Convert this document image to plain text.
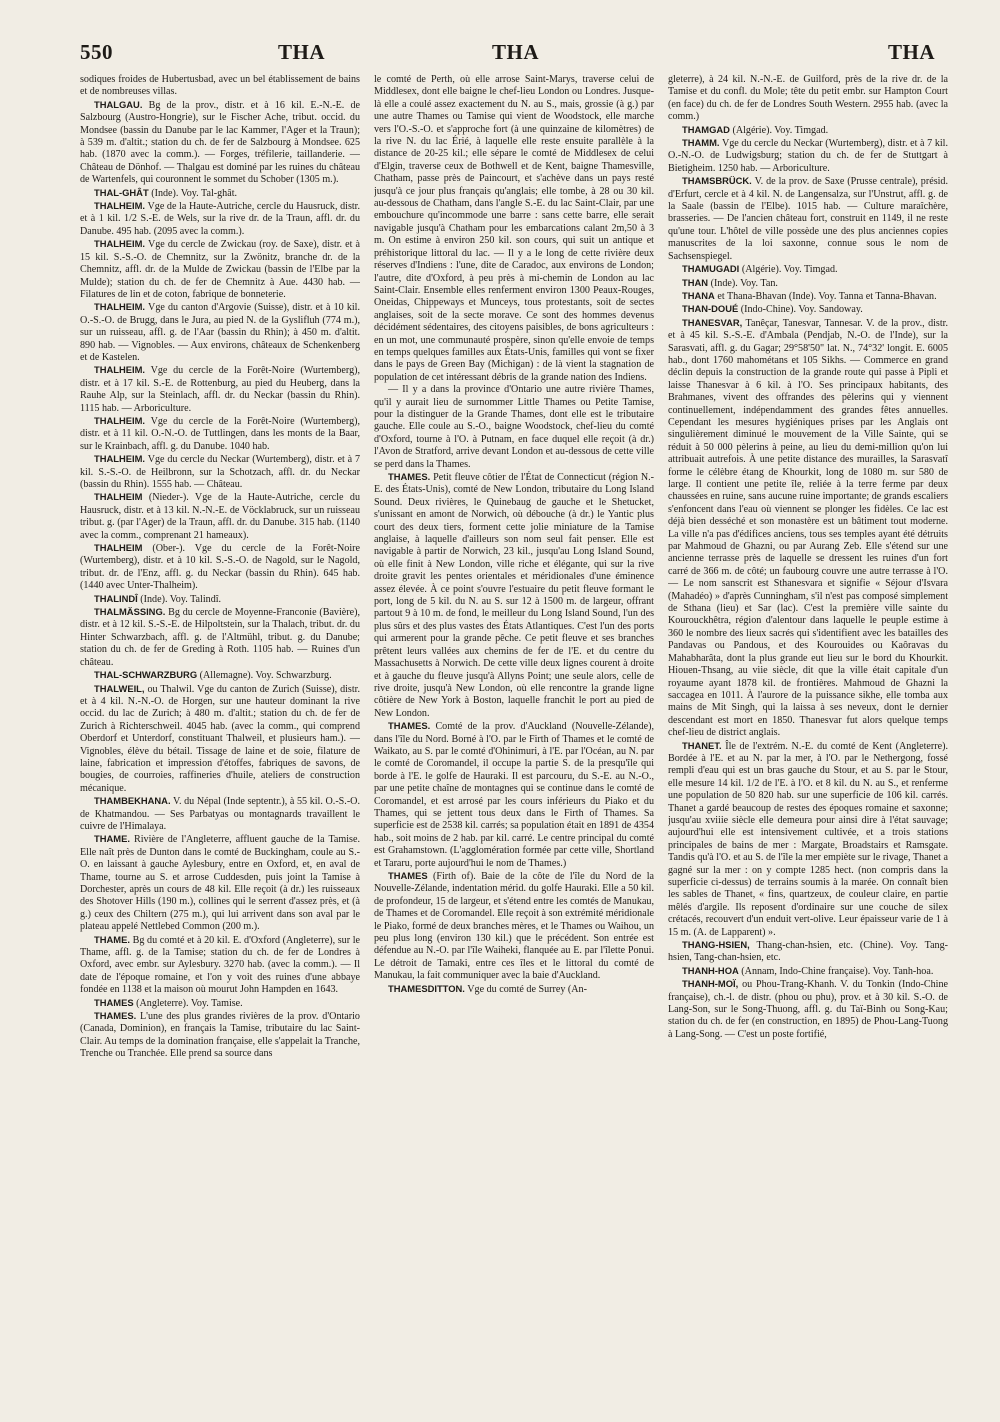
550	THA	THA	THA

sodiques froides de Hubertusbad, avec un bel établissement de bains et de nombreuses villas.

THALGAU. Bg de la prov., distr. et à 16 kil. E.-N.-E. de Salzbourg (Austro-Hongrie), sur le Fischer Ache, tribut. occid. du Mondsee (bassin du Danube par le lac Kammer, l'Ager et la Traun); à 539 m. d'altit.; station du ch. de fer de Salzbourg à Mondsee. 625 hab. (1870 avec la comm.). — Forges, tréfilerie, taillanderie. — Château de Dönhof. — Thalgau est dominé par les ruines du château de Wartenfels, qui couronnent le sommet du Schober (1305 m.).

THAL-GHÂT (Inde). Voy. Tal-ghât.

THALHEIM. Vge de la Haute-Autriche, cercle du Hausruck, distr. et à 1 kil. 1/2 S.-E. de Wels, sur la rive dr. de la Traun, affl. dr. du Danube. 495 hab. (2095 avec la comm.).

THALHEIM. Vge du cercle de Zwickau (roy. de Saxe), distr. et à 15 kil. S.-S.-O. de Chemnitz, sur la Zwönitz, branche dr. de la Chemnitz, affl. dr. de la Mulde de Zwickau (bassin de l'Elbe par la Mulde); station du ch. de fer de Chemnitz à Aue. 4430 hab. — Filatures de lin et de coton, fabrique de bonneterie.

THALHEIM. Vge du canton d'Argovie (Suisse), distr. et à 10 kil. O.-S.-O. de Brugg, dans le Jura, au pied N. de la Gyslifluh (774 m.), sur un ruisseau, affl. g. de l'Aar (bassin du Rhin); à 450 m. d'altit. 890 hab. — Vignobles. — Aux environs, châteaux de Schenkenberg et de Kastelen.

THALHEIM. Vge du cercle de la Forêt-Noire (Wurtemberg), distr. et à 17 kil. S.-E. de Rottenburg, au pied du Heuberg, dans la Rauhe Alp, sur la Steinlach, affl. dr. du Neckar (bassin du Rhin). 1115 hab. — Arboriculture.

THALHEIM. Vge du cercle de la Forêt-Noire (Wurtemberg), distr. et à 11 kil. O.-N.-O. de Tuttlingen, dans les monts de la Baar, sur le Krainbach, affl. g. du Danube. 1040 hab.

THALHEIM. Vge du cercle du Neckar (Wurtemberg), distr. et à 7 kil. S.-S.-O. de Heilbronn, sur la Schotzach, affl. dr. du Neckar (bassin du Rhin). 1555 hab. — Château.

THALHEIM (Nieder-). Vge de la Haute-Autriche, cercle du Hausruck, distr. et à 13 kil. N.-N.-E. de Vöcklabruck, sur un ruisseau tribut. g. (par l'Ager) de la Traun, affl. dr. du Danube. 315 hab. (1140 avec la comm., comprenant 21 hameaux).

THALHEIM (Ober-). Vge du cercle de la Forêt-Noire (Wurtemberg), distr. et à 10 kil. S.-S.-O. de Nagold, sur le Nagold, tribut. dr. de l'Enz, affl. g. du Neckar (bassin du Rhin). 645 hab. (1440 avec Unter-Thalheim).

THALINDÎ (Inde). Voy. Talindî.

THALMÄSSING. Bg du cercle de Moyenne-Franconie (Bavière), distr. et à 12 kil. S.-S.-E. de Hilpoltstein, sur la Thalach, tribut. dr. du Hinter Schwarzbach, affl. g. de l'Altmühl, tribut. g. du Danube; station du ch. de fer de Greding à Roth. 1105 hab. — Ruines d'un château.

THAL-SCHWARZBURG (Allemagne). Voy. Schwarzburg.

THALWEIL, ou Thalwil. Vge du canton de Zurich (Suisse), distr. et à 4 kil. N.-N.-O. de Horgen, sur une hauteur dominant la rive occid. du lac de Zurich; à 480 m. d'altit.; station du ch. de fer de Zurich à Richterschweil. 4045 hab. (avec la comm., qui comprend Oberdorf et Unterdorf, constituant Thalweil, et plusieurs ham.). — Vignobles, élève du bétail. Tissage de laine et de soie, filature de laine, fabrication et impression d'étoffes, fabriques de savons, de bougies, de courroies, raffineries d'huile, ateliers de construction mécanique.

THAMBEKHANA. V. du Népal (Inde septentr.), à 55 kil. O.-S.-O. de Khatmandou. — Ses Parbatyas ou montagnards travaillent le cuivre de l'Himalaya.

THAME. Rivière de l'Angleterre, affluent gauche de la Tamise. Elle naît près de Dunton dans le comté de Buckingham, coule au S.-O. en laissant à gauche Aylesbury, entre en Oxford, et, en aval de Thame, tourne au S. et arrose Cuddesden, puis joint la Tamise à Dorchester, après un cours de 48 kil. Elle reçoit (à dr.) les ruisseaux des Shotover Hills (190 m.), collines qui le serrent d'assez près, et (à g.) ceux des Chiltern (275 m.), qui lui arrivent dans son aval par le plateau appelé Nettlebed Common (200 m.).

THAME. Bg du comté et à 20 kil. E. d'Oxford (Angleterre), sur le Thame, affl. g. de la Tamise; station du ch. de fer de Londres à Oxford, avec embr. sur Aylesbury. 3270 hab. (avec la comm.). — Il date de l'époque romaine, et l'on y voit des ruines d'une abbaye fondée en 1138 et la maison où mourut John Hampden en 1643.

THAMES (Angleterre). Voy. Tamise.

THAMES. L'une des plus grandes rivières de la prov. d'Ontario (Canada, Dominion), en français la Tamise, tributaire du lac Saint-Clair. Au temps de la domination française, elle s'appelait la Tranche, Trenche ou Tranchée. Elle prend sa source dans

le comté de Perth, où elle arrose Saint-Marys, traverse celui de Middlesex, dont elle baigne le chef-lieu London ou Londres. Jusque-là elle a coulé assez exactement du N. au S., mais, grossie (à g.) par une autre Thames ou Tamise qui vient de Woodstock, elle marche vers l'O.-S.-O. et s'approche fort (à une quinzaine de kilomètres) de la rive N. du lac Érié, à laquelle elle reste ensuite parallèle à la distance de 20-25 kil.; elle sépare le comté de Middlesex de celui d'Elgin, traverse ceux de Bothwell et de Kent, baigne Thamesville, Chatham, passe près de Paincourt, et s'achève dans un pays resté jusqu'à ce jour plus français qu'anglais; elle tombe, à 28 ou 30 kil. au-dessous de Chatham, dans l'angle S.-E. du lac Saint-Clair, par une embouchure qu'incommode une barre : sans cette barre, elle serait navigable jusqu'à Chatham pour les embarcations calant 2m,50 à 3 m. On estime à environ 250 kil. son cours, qui suit un antique et préhistorique littoral du lac. — Il y a le long de cette rivière deux réserves d'Indiens : l'une, dite de Caradoc, aux environs de London; l'autre, dite d'Oxford, à peu près à mi-chemin de London au lac Saint-Clair. Ensemble elles renferment environ 1300 Peaux-Rouges, Oneidas, Chippeways et Munceys, tous protestants, soit de sectes anglaises, soit de la secte morave. Ce sont des hommes devenus décidément sédentaires, des citoyens paisibles, de bons agriculteurs : en un mot, une communauté prospère, sinon qu'elle envoie de temps en temps quelques familles aux États-Unis, familles qui vont se fixer dans le pays de Green Bay (Michigan) : de là vient la stagnation de population de cet intéressant débris de la grande nation des Indiens.

— Il y a dans la province d'Ontario une autre rivière Thames, qu'il y aurait lieu de surnommer Little Thames ou Petite Tamise, pour la distinguer de la Grande Thames, dont elle est le tributaire gauche. Elle coule au S.-O., baigne Woodstock, chef-lieu du comté d'Oxford, tourne à l'O. à Putnam, en face duquel elle reçoit (à dr.) l'Avon de Stratford, arrive devant London et au-dessous de cette ville se perd dans la Thames.

THAMES. Petit fleuve côtier de l'État de Connecticut (région N.-E. des États-Unis), comté de New London, tributaire du Long Island Sound. Deux rivières, le Quinebaug de gauche et le Shetucket, s'unissant en amont de Norwich, où débouche (à dr.) le Yantic plus court des deux tiers, forment cette jolie miniature de la Tamise anglaise, à laquelle d'ailleurs son nom seul fait penser. Elle est navigable à partir de Norwich, 23 kil., jusqu'au Long Island Sound, où elle finit à New London, ville riche et élégante, qui sur la rive droite gravit les pentes orientales et méridionales d'une éminence assez élevée. À ce point s'ouvre l'estuaire du petit fleuve formant le port, long de 5 kil. du N. au S. sur 12 à 1500 m. de largeur, offrant partout 9 à 10 m. de fond, le meilleur du Long Island Sound, l'un des plus sûrs et des plus vastes des États Atlantiques. C'est l'un des ports qui armerent pour la grande pêche. Ce petit fleuve et ses branches prêtent leurs vallées aux chemins de fer de l'E. et du centre du Massachusetts à Norwich. De cette ville deux lignes courent à droite et à gauche du fleuve jusqu'à Allyns Point; une seule alors, celle de rive droite, jusqu'à New London, où elle rencontre la grande ligne côtière de New York à Boston, laquelle franchit le port au pied de New London.

THAMES. Comté de la prov. d'Auckland (Nouvelle-Zélande), dans l'île du Nord. Borné à l'O. par le Firth of Thames et le comté de Waikato, au S. par le comté d'Ohinimuri, à l'E. par l'Océan, au N. par le comté de Coromandel, il occupe la partie S. de la presqu'île qui borde à l'E. le golfe de Hauraki. Il est parcouru, du S.-E. au N.-O., par une petite chaîne de montagnes qui se continue dans le comté de Coromandel, et est arrosé par les cours inférieurs du Piako et du Thames, qui se jettent tous deux dans le Firth of Thames. Sa superficie est de 2538 kil. carrés; sa population était en 1891 de 4354 hab., soit moins de 2 hab. par kil. carré. Le centre principal du comté est Grahamstown. (L'agglomération formée par cette ville, Shortland et Tararu, porte aujourd'hui le nom de Thames.)

THAMES (Firth of). Baie de la côte de l'île du Nord de la Nouvelle-Zélande, indentation mérid. du golfe Hauraki. Elle a 50 kil. de profondeur, 15 de largeur, et s'étend entre les comtés de Manukau, de Thames et de Coromandel. Elle reçoit à son extrémité méridionale le Piako, formé de deux branches mères, et le Thames ou Waihou, un peu plus long (environ 130 kil.) que le précédent. Son entrée est défendue au N.-O. par l'île Waiheki, flanquée au E. par l'îlette Ponui. Le détroit de Tamaki, entre ces îles et le littoral du comté de Manukau, la fait communiquer avec la baie d'Auckland.

THAMESDITTON. Vge du comté de Surrey (An-

gleterre), à 24 kil. N.-N.-E. de Guilford, près de la rive dr. de la Tamise et du confl. du Mole; tête du petit embr. sur Hampton Court (en face) du ch. de fer de Londres South Western. 2955 hab. (avec la comm.)

THAMGAD (Algérie). Voy. Timgad.

THAMM. Vge du cercle du Neckar (Wurtemberg), distr. et à 7 kil. O.-N.-O. de Ludwigsburg; station du ch. de fer de Stuttgart à Bietigheim. 1250 hab. — Arboriculture.

THAMSBRÜCK. V. de la prov. de Saxe (Prusse centrale), présid. d'Erfurt, cercle et à 4 kil. N. de Langensalza, sur l'Unstrut, affl. g. de la Saale (bassin de l'Elbe). 1015 hab. — Culture maraîchère, brasseries. — De l'ancien château fort, construit en 1149, il ne reste qu'une tour. L'hôtel de ville possède une des plus anciennes copies manuscrites de la loi saxonne, connue sous le nom de Sachsenspiegel.

THAMUGADI (Algérie). Voy. Timgad.

THAN (Inde). Voy. Tan.

THANA et Thana-Bhavan (Inde). Voy. Tanna et Tanna-Bhavan.

THAN-DOUÉ (Indo-Chine). Voy. Sandoway.

THANESVAR, Tanêçar, Tanesvar, Tannesar. V. de la prov., distr. et à 45 kil. S.-S.-E. d'Ambala (Pendjab, N.-O. de l'Inde), sur la Sarasvati, affl. g. du Gagar; 29°58'50" lat. N., 74°32' longit. E. 6005 hab., dont 1760 mahométans et 105 Sikhs. — Commerce en grand déclin depuis la construction de la grande route qui passe à Pipli et laisse Thanesvar à 6 kil. à l'O. Ses principaux habitants, des Brahmanes, vivent des offrandes des pèlerins qui y viennent continuellement, indépendamment des grandes fêtes annuelles. Cependant les mesures hygiéniques prises par les Anglais ont singulièrement diminué le mouvement de la Ville Sainte, qui se réduit à 50 000 pèlerins à peine, au lieu du demi-million qu'on lui attribuait autrefois. À une petite distance des murailles, la Sarasvatî forme le célèbre étang de Khourkit, long de 1080 m. sur 580 de large. Il contient une petite île, reliée à la terre ferme par deux chaussées en ruine, sans aucune ruine importante; de grands escaliers s'enfoncent dans l'eau où viennent se plonger les fidèles. Ce lac est déjà bien desséché et son monastère est un bâtiment tout moderne. La ville n'a pas d'édifices anciens, tous ses temples ayant été détruits par Mahmoud de Ghazni, ou par Aurang Zeb. Elle s'étend sur une ancienne terrasse près de laquelle se dressent les ruines d'un fort carré de 366 m. de côté; un faubourg couvre une autre terrasse à l'O. — Le nom sanscrit est Sthanesvara et signifie « Séjour d'Isvara (Mahadéo) » d'après Cunningham, s'il n'est pas composé simplement de Sthana (lieu) et Sar (lac). C'est la première ville sainte du Kourouckhêtra, région d'alentour dans laquelle le peuple estime à 360 le nombre des lieux sacrés qui s'identifient avec les batailles des Pandavas ou Pandous, et des Kourouides ou Kaôravas du Mahabharâta, dont la plus grande eut lieu sur le bord du Khourkit. Hiouen-Thsang, au viie siècle, dit que la ville était capitale d'un royaume ayant 1878 kil. de frontières. Mahmoud de Ghazni la saccagea en 1011. À l'aurore de la puissance sikhe, elle tomba aux mains de Mit Singh, qui la laissa à ses neveux, dont le dernier descendant est mort en 1850. Thanesvar fut alors quelque temps chef-lieu de district anglais.

THANET. Île de l'extrém. N.-E. du comté de Kent (Angleterre). Bordée à l'E. et au N. par la mer, à l'O. par le Nethergong, fossé rempli d'eau qui est un bras gauche du Stour, et au S. par le Stour, elle mesure 14 kil. 1/2 de l'E. à l'O. et 8 kil. du N. au S., et renferme une population de 50 820 hab. sur une superficie de 106 kil. carrés. Thanet a gardé beaucoup de restes des époques romaine et saxonne; jusqu'au xviiie siècle elle demeura pour ainsi dire à l'état sauvage; aujourd'hui elle est intensivement cultivée, et a trois stations principales de bains de mer : Margate, Broadstairs et Ramsgate. Tandis qu'à l'O. et au S. de l'île la mer empiète sur le rivage, Thanet a gagné sur la mer : on y compte 1285 hect. (non compris dans la superficie ci-dessus) de terrains soumis à la marée. On connaît bien les sables de Thanet, « fins, quartzeux, de couleur claire, en partie mêlés d'argile. Ils reposent d'ordinaire sur une couche de silex crétacés, recouvert d'un enduit vert-olive. Leur épaisseur varie de 1 à 15 m. (A. de Lapparent) ».

THANG-HSIEN, Thang-chan-hsien, etc. (Chine). Voy. Tang-hsien, Tang-chan-hsien, etc.

THANH-HOA (Annam, Indo-Chine française). Voy. Tanh-hoa.

THANH-MOÏ, ou Phou-Trang-Khanh. V. du Tonkin (Indo-Chine française), ch.-l. de distr. (phou ou phu), prov. et à 30 kil. S.-O. de Lang-Son, sur le Song-Thuong, affl. g. du Taï-Binh ou Song-Kau; station du ch. de fer (en construction, en 1895) de Phou-Lang-Tuong à Lang-Song. — C'est un poste fortifié,
